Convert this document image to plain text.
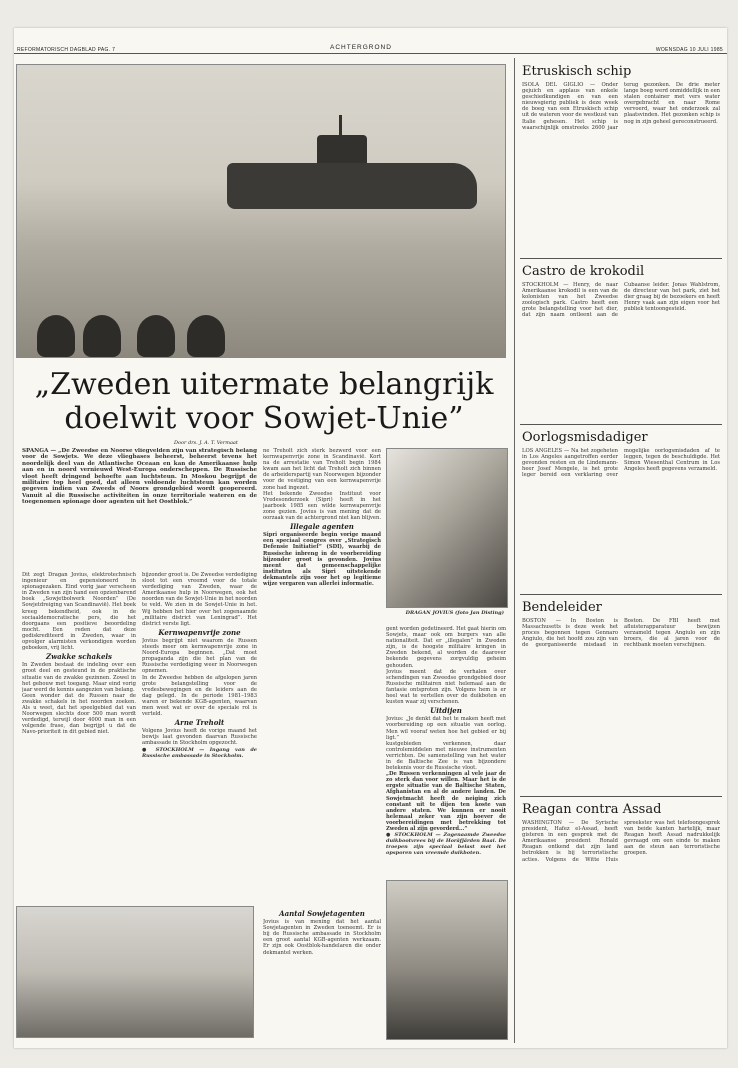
REFORMATORISCH DAGBLAD PAG. 7	ACHTERGROND	WOENSDAG 10 JULI 1985
„Zweden uitermate belangrijk doelwit voor Sowjet-Unie”
Door drs. J. A. T. Vermaat
SPANGA — „De Zweedse en Noorse vliegvelden zijn van strategisch belang voor de Sowjets. We deze vliegbases beheerst, beheerst tevens het noordelijk deel van de Atlantische Oceaan en kan de Amerikaanse hulp aan en in noord vernieuwd West-Europa onderscheppen. De Russische vloot heeft dringend behoefte aan luchtsteun. In Moskou begrijpt de militaire top heel goed, dat alleen voldoende luchtsteun kan worden gegeven indien van Zweeds of Noors grondgebied wordt geopereerd. Vanuit al die Russische activiteiten in onze territoriale wateren en de toegenomen spionage door agenten uit het Oostblok.”

Dit zegt Dragan Jovius, elektrotechnisch ingenieur en gepensioneerd in spionagezaken. Eind vorig jaar verscheen in Zweden van zijn hand een opzienbarend boek „Sowjetbolwerk Noorden” (De Sowjetdreiging van Scandinavië). Het boek kreeg bekendheid, ook in de sociaaldemocratische pers, die het doorgaans een positieve beoordeling mocht. Een reden dat deze gediskrediteerd in Zweden, waar in opvolger alarmisten verkondigen worden geboeken, vrij licht.

Zwakke schakels

In Zweden bestaat de indeling over een groot deel en gesteund in de praktische situatie van de zwakke gezinnen. Zowel in het gebouw met toegang. Maar eind vorig jaar werd de kennis aangezien van belang.

Geen wonder dat de Russen naar de zwakke schakels in het noorden zoeken. Als u weet, dat het speelgebied dat van Noorwegen slechts door 500 man wordt verdedigd, terwijl door 4000 man in een volgende frase, dan begrijpt u dat de Navo-prioriteit in dit gebied niet.

bijzonder groot is. De Zweedse verdediging sloot tot een vreemd voor de totale verdediging van Zweden, waar de Amerikaanse hulp in Noorwegen, ook het noorden van de Sowjet-Unie in het noorden te veld. We zien in de Sowjet-Unie in het. Wij hebben het hier over het zogenaamde „militaire district van Leningrad”. Het district verste ligt.

Kernwapenvrije zone

Jovius begrijpt niet waarom de Russen steeds meer om kernwapenvrije zone in Noord-Europa beginnen. „Dat moet propaganda zijn die het plan van de Russische verdediging weer in Noorwegen opnemen.

In de Zweedse hebben de afgelopen jaren grote belangstelling voor de vredesbewegingen en de leiders aan de dag gelegd. In de periode 1981–1983 waren er bekende KGB-agenten, waarvan men weet wat er over de speciale rol is verteld.

Arne Treholt

Volgens Jovius heeft de vorige maand het bewijs laat gevonden daarvan Russische ambassade in Stockholm opgezocht.

● STOCKHOLM — Ingang van de Russische ambassade in Stockholm.

ne Treholt zich sterk bezwerd voor een kernwapenvrije zone in Scandinavië. Kort na de arrestatie van Treholt begin 1984 kwam aan het licht dat Treholt zich binnen de arbeiderspartij van Noorwegen bijzonder voor de vestiging van een kernwapenvrije zone had ingezet.

Het bekende Zweedse Instituut voor Vredesonderzoek (Sipri) heeft in het jaarboek 1985 een wilde kernwapenvrije zone gezien. Jovius is van mening dat de oorzaak van de achtergrond niet kan blijven.

Illegale agenten

Sipri organiseerde begin vorige maand een speciaal congres over „Strategisch Defensie Initiatief” (SDI), waarbij de Russische inbreng in de voorbereiding bijzonder groot is gevonden. Jovius meent dat gemeenschappelijke instituten als Sipri uitstekende dekmantels zijn voor het op legitieme wijze vergaren van allerlei informatie.

DRAGAN JOVIUS (foto Jan Disting)

gent worden gedetineerd. Het gaat hierin om Sowjets, maar ook om burgers van alle nationaliteit. Dat er „illegalen” in Zweden zijn, is de hoogste militaire kringen in Zweden bekend, al worden de daarover bekende gegevens zorgvuldig geheim gehouden.

Jovius meent dat de verhalen over schendingen van Zweedse grondgebied door Russische militairen niet helemaal aan de fantasie ontsproten zijn. Volgens hem is er heel wat te vertellen over de duikboten en kusten waar zij verschenen.

Uitdijen

Jovius: „Je denkt dat het te maken heeft met voorbereiding op een situatie van oorlog. Men wil vooraf weten hoe het gebied er bij ligt.”

kustgebieden verkennen, daar controlemiddelen met nieuwe instrumenten verrichten. De samenstelling van het water in de Baltische Zee is van bijzondere betekenis voor de Russische vloot.

„De Russen verkenningen al vele jaar de zo sterk dan voor willen. Maar het is de ergste situatie van de Baltische Staten, Afghanistan en al de andere landen. De Sowjetmacht heeft de neiging zich constant uit te dijen ten koste van andere staten. We kunnen er nooit helemaal zeker van zijn hoever de voorbereidingen met betrekking tot Zweden al zijn gevorderd...”

● STOCKHOLM — Zogenaamde Zweedse duikbootvrees bij de Horäfjärden Baai. De troepen zijn speciaal belast met het opsporen van vreemde duikboten.

Aantal Sowjetagenten

Jovius is van mening dat het aantal Sowjetagenten in Zweden toeneemt. Er is bij de Russische ambassade in Stockholm een groot aantal KGB-agenten werkzaam. Er zijn ook Oostblok-handelaren die onder dekmantel werken.

Etruskisch schip
ISOLA DEL GIGLIO — Onder gejuich en applaus van enkele geschiedkundigen en van een nieuwsgierig publiek is deze week de boeg van een Etruskisch schip uit de wateren voor de westkust van Italie gehesen. Het schip is waarschijnlijk omstreeks 2600 jaar terug gezonken. De drie meter lange boeg werd onmiddellijk in een stalen container met vers water overgebracht en naar Rome vervoerd, waar het onderzoek zal plaatsvinden. Het gezonken schip is nog in zijn geheel gereconstrueerd.
Castro de krokodil
STOCKHOLM — Henry, de naar Amerikaanse krokodil is een van de kolonisten van het Zweedse zoologisch park. Castro heeft een grote belangstelling voor het dier, dat zijn naam ontleent aan de Cubaanse leider. Jonas Wahlstrom, de directeur van het park, ziet het dier graag bij de bezoekers en heeft Henry vaak aan zijn eigen voor het publiek tentoongesteld.
Oorlogsmisdadiger
LOS ANGELES — Na het zogeheten in Los Angeles aangetroffen eerder gevonden resten en de Lindemann-heer Josef Mengele, is het grote leger bereid een verklaring over mogelijke oorlogsmisdaden af te leggen, tegen de beschuldigde. Het Simon Wiesenthal Centrum in Los Angeles heeft gegevens verzameld.
Bendeleider
BOSTON — In Boston is Massachusetts is deze week het proces begonnen tegen Gennaro Angiulo, die het hoofd zou zijn van de georganiseerde misdaad in Boston. De FBI heeft met afluisterapparatuur bewijzen verzameld tegen Angiulo en zijn broers, die al jaren voor de rechtbank moeten verschijnen.
Reagan contra Assad
WASHINGTON — De Syrische president, Hafez el-Assad, heeft gisteren in een gesprek met de Amerikaanse president Ronald Reagan ontkend dat zijn land betrokken is bij terroristische acties. Volgens de Witte Huis spreekster was het telefoongesprek van beide kanten hartelijk, maar Reagan heeft Assad nadrukkelijk gevraagd om een einde te maken aan de steun aan terroristische groepen.
